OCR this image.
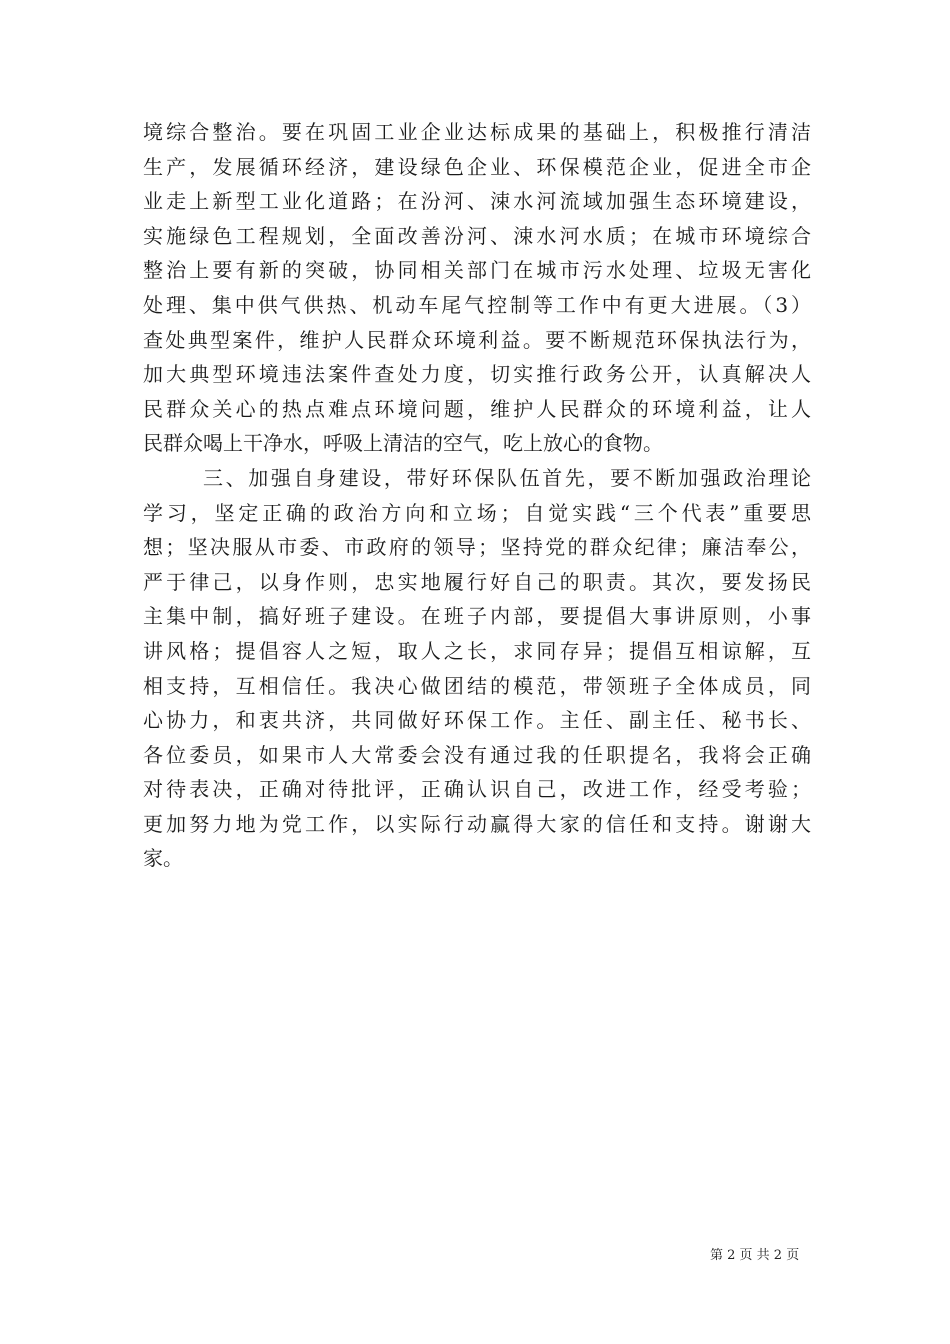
境综合整治。要在巩固工业企业达标成果的基础上，积极推行清洁
生产，发展循环经济，建设绿色企业、环保模范企业，促进全市企
业走上新型工业化道路；在汾河、涑水河流域加强生态环境建设，
实施绿色工程规划，全面改善汾河、涑水河水质；在城市环境综合
整治上要有新的突破，协同相关部门在城市污水处理、垃圾无害化
处理、集中供气供热、机动车尾气控制等工作中有更大进展。（3）
查处典型案件，维护人民群众环境利益。要不断规范环保执法行为，
加大典型环境违法案件查处力度，切实推行政务公开，认真解决人
民群众关心的热点难点环境问题，维护人民群众的环境利益，让人
民群众喝上干净水，呼吸上清洁的空气，吃上放心的食物。
三、加强自身建设，带好环保队伍首先，要不断加强政治理论
学习，坚定正确的政治方向和立场；自觉实践“三个代表”重要思
想；坚决服从市委、市政府的领导；坚持党的群众纪律；廉洁奉公，
严于律己，以身作则，忠实地履行好自己的职责。其次，要发扬民
主集中制，搞好班子建设。在班子内部，要提倡大事讲原则，小事
讲风格；提倡容人之短，取人之长，求同存异；提倡互相谅解，互
相支持，互相信任。我决心做团结的模范，带领班子全体成员，同
心协力，和衷共济，共同做好环保工作。主任、副主任、秘书长、
各位委员，如果市人大常委会没有通过我的任职提名，我将会正确
对待表决，正确对待批评，正确认识自己，改进工作，经受考验；
更加努力地为党工作，以实际行动赢得大家的信任和支持。谢谢大
家。
第 2 页 共 2 页
